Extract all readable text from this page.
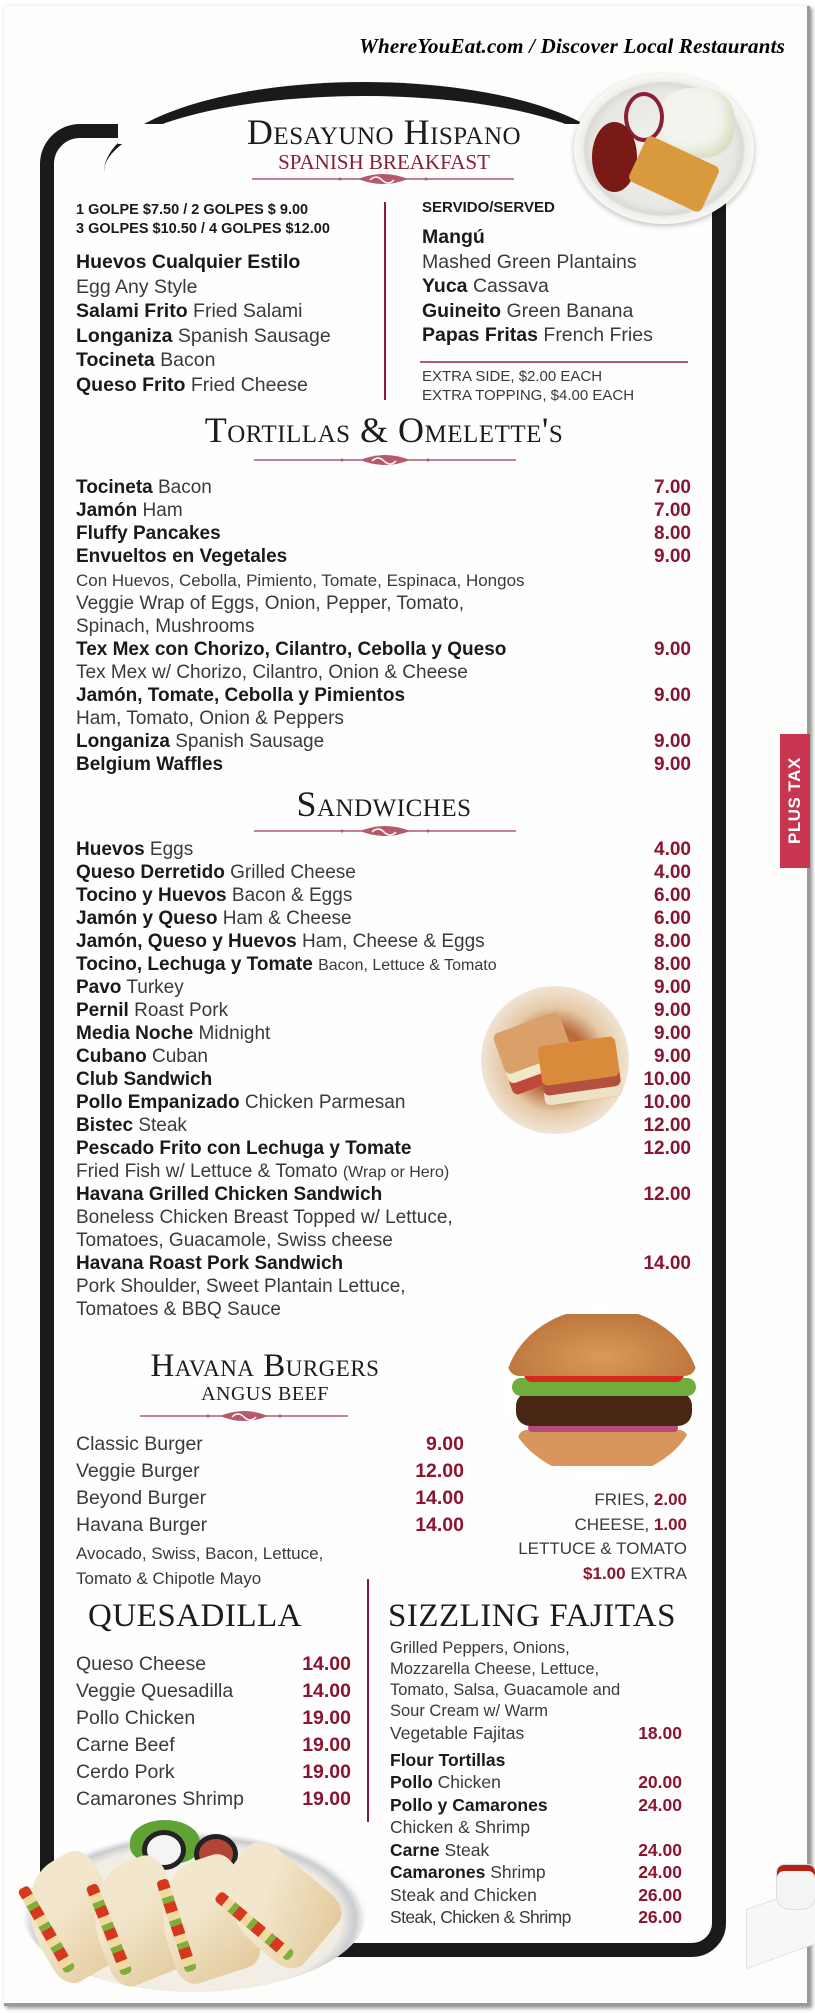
WhereYouEat.com / Discover Local Restaurants
PLUS TAX
Desayuno Hispano
SPANISH BREAKFAST
1 GOLPE $7.50 / 2 GOLPES $ 9.00
3 GOLPES $10.50 / 4 GOLPES $12.00
Huevos Cualquier Estilo
Egg Any Style
Salami Frito Fried Salami
Longaniza Spanish Sausage
Tocineta Bacon
Queso Frito Fried Cheese
SERVIDO/SERVED
Mangú
Mashed Green Plantains
Yuca Cassava
Guineito Green Banana
Papas Fritas French Fries
EXTRA SIDE, $2.00 EACH
EXTRA TOPPING, $4.00 EACH
Tortillas & Omelette's
Tocineta Bacon	7.00
Jamón Ham	7.00
Fluffy Pancakes	8.00
Envueltos en Vegetales	9.00
Con Huevos, Cebolla, Pimiento, Tomate, Espinaca, Hongos
Veggie Wrap of Eggs, Onion, Pepper, Tomato,
Spinach, Mushrooms
Tex Mex con Chorizo, Cilantro, Cebolla y Queso	9.00
Tex Mex w/ Chorizo, Cilantro, Onion & Cheese
Jamón, Tomate, Cebolla y Pimientos	9.00
Ham, Tomato, Onion & Peppers
Longaniza Spanish Sausage	9.00
Belgium Waffles	9.00
Sandwiches
Huevos Eggs	4.00
Queso Derretido Grilled Cheese	4.00
Tocino y Huevos Bacon & Eggs	6.00
Jamón y Queso Ham & Cheese	6.00
Jamón, Queso y Huevos Ham, Cheese & Eggs	8.00
Tocino, Lechuga y Tomate Bacon, Lettuce & Tomato	8.00
Pavo Turkey	9.00
Pernil Roast Pork	9.00
Media Noche Midnight	9.00
Cubano Cuban	9.00
Club Sandwich	10.00
Pollo Empanizado Chicken Parmesan	10.00
Bistec Steak	12.00
Pescado Frito con Lechuga y Tomate	12.00
Fried Fish w/ Lettuce & Tomato (Wrap or Hero)
Havana Grilled Chicken Sandwich	12.00
Boneless Chicken Breast Topped w/ Lettuce,
Tomatoes, Guacamole, Swiss cheese
Havana Roast Pork Sandwich	14.00
Pork Shoulder, Sweet Plantain Lettuce,
Tomatoes & BBQ Sauce
Havana Burgers
ANGUS BEEF
Classic Burger	9.00
Veggie Burger	12.00
Beyond Burger	14.00
Havana Burger	14.00
Avocado, Swiss, Bacon, Lettuce,
Tomato & Chipotle Mayo
FRIES, 2.00
CHEESE, 1.00
LETTUCE & TOMATO
$1.00 EXTRA
QUESADILLA
Queso Cheese	14.00
Veggie Quesadilla	14.00
Pollo Chicken	19.00
Carne Beef	19.00
Cerdo Pork	19.00
Camarones Shrimp	19.00
SIZZLING FAJITAS
Grilled Peppers, Onions,
Mozzarella Cheese, Lettuce,
Tomato, Salsa, Guacamole and
Sour Cream w/ Warm
Vegetable Fajitas	18.00
Flour Tortillas
Pollo Chicken	20.00
Pollo y Camarones	24.00
Chicken & Shrimp
Carne Steak	24.00
Camarones Shrimp	24.00
Steak and Chicken	26.00
Steak, Chicken & Shrimp	26.00
